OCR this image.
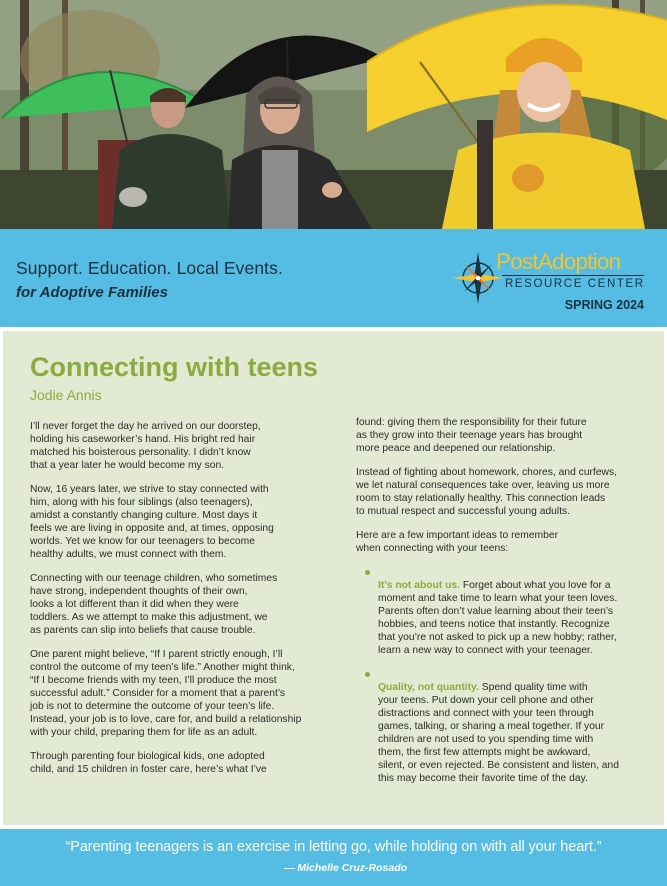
Support. Education. Local Events.
for Adoptive Families
PostAdoption
RESOURCE CENTER
SPRING 2024
Connecting with teens
Jodie Annis

I’ll never forget the day he arrived on our doorstep,
holding his caseworker’s hand. His bright red hair
matched his boisterous personality. I didn’t know
that a year later he would become my son.

Now, 16 years later, we strive to stay connected with
him, along with his four siblings (also teenagers),
amidst a constantly changing culture. Most days it
feels we are living in opposite and, at times, opposing
worlds. Yet we know for our teenagers to become
healthy adults, we must connect with them.

Connecting with our teenage children, who sometimes
have strong, independent thoughts of their own,
looks a lot different than it did when they were
toddlers. As we attempt to make this adjustment, we
as parents can slip into beliefs that cause trouble.

One parent might believe, “If I parent strictly enough, I’ll
control the outcome of my teen’s life.” Another might think,
“If I become friends with my teen, I’ll produce the most
successful adult.” Consider for a moment that a parent’s
job is not to determine the outcome of your teen’s life.
Instead, your job is to love, care for, and build a relationship
with your child, preparing them for life as an adult.

Through parenting four biological kids, one adopted
child, and 15 children in foster care, here’s what I’ve

found: giving them the responsibility for their future
as they grow into their teenage years has brought
more peace and deepened our relationship.

Instead of fighting about homework, chores, and curfews,
we let natural consequences take over, leaving us more
room to stay relationally healthy. This connection leads
to mutual respect and successful young adults.

Here are a few important ideas to remember
when connecting with your teens:

It’s not about us. Forget about what you love for a
moment and take time to learn what your teen loves.
Parents often don’t value learning about their teen’s
hobbies, and teens notice that instantly. Recognize
that you’re not asked to pick up a new hobby; rather,
learn a new way to connect with your teenager.

Quality, not quantity. Spend quality time with
your teens. Put down your cell phone and other
distractions and connect with your teen through
games, talking, or sharing a meal together. If your
children are not used to you spending time with
them, the first few attempts might be awkward,
silent, or even rejected. Be consistent and listen, and
this may become their favorite time of the day.

“Parenting teenagers is an exercise in letting go, while holding on with all your heart.”
— Michelle Cruz-Rosado
